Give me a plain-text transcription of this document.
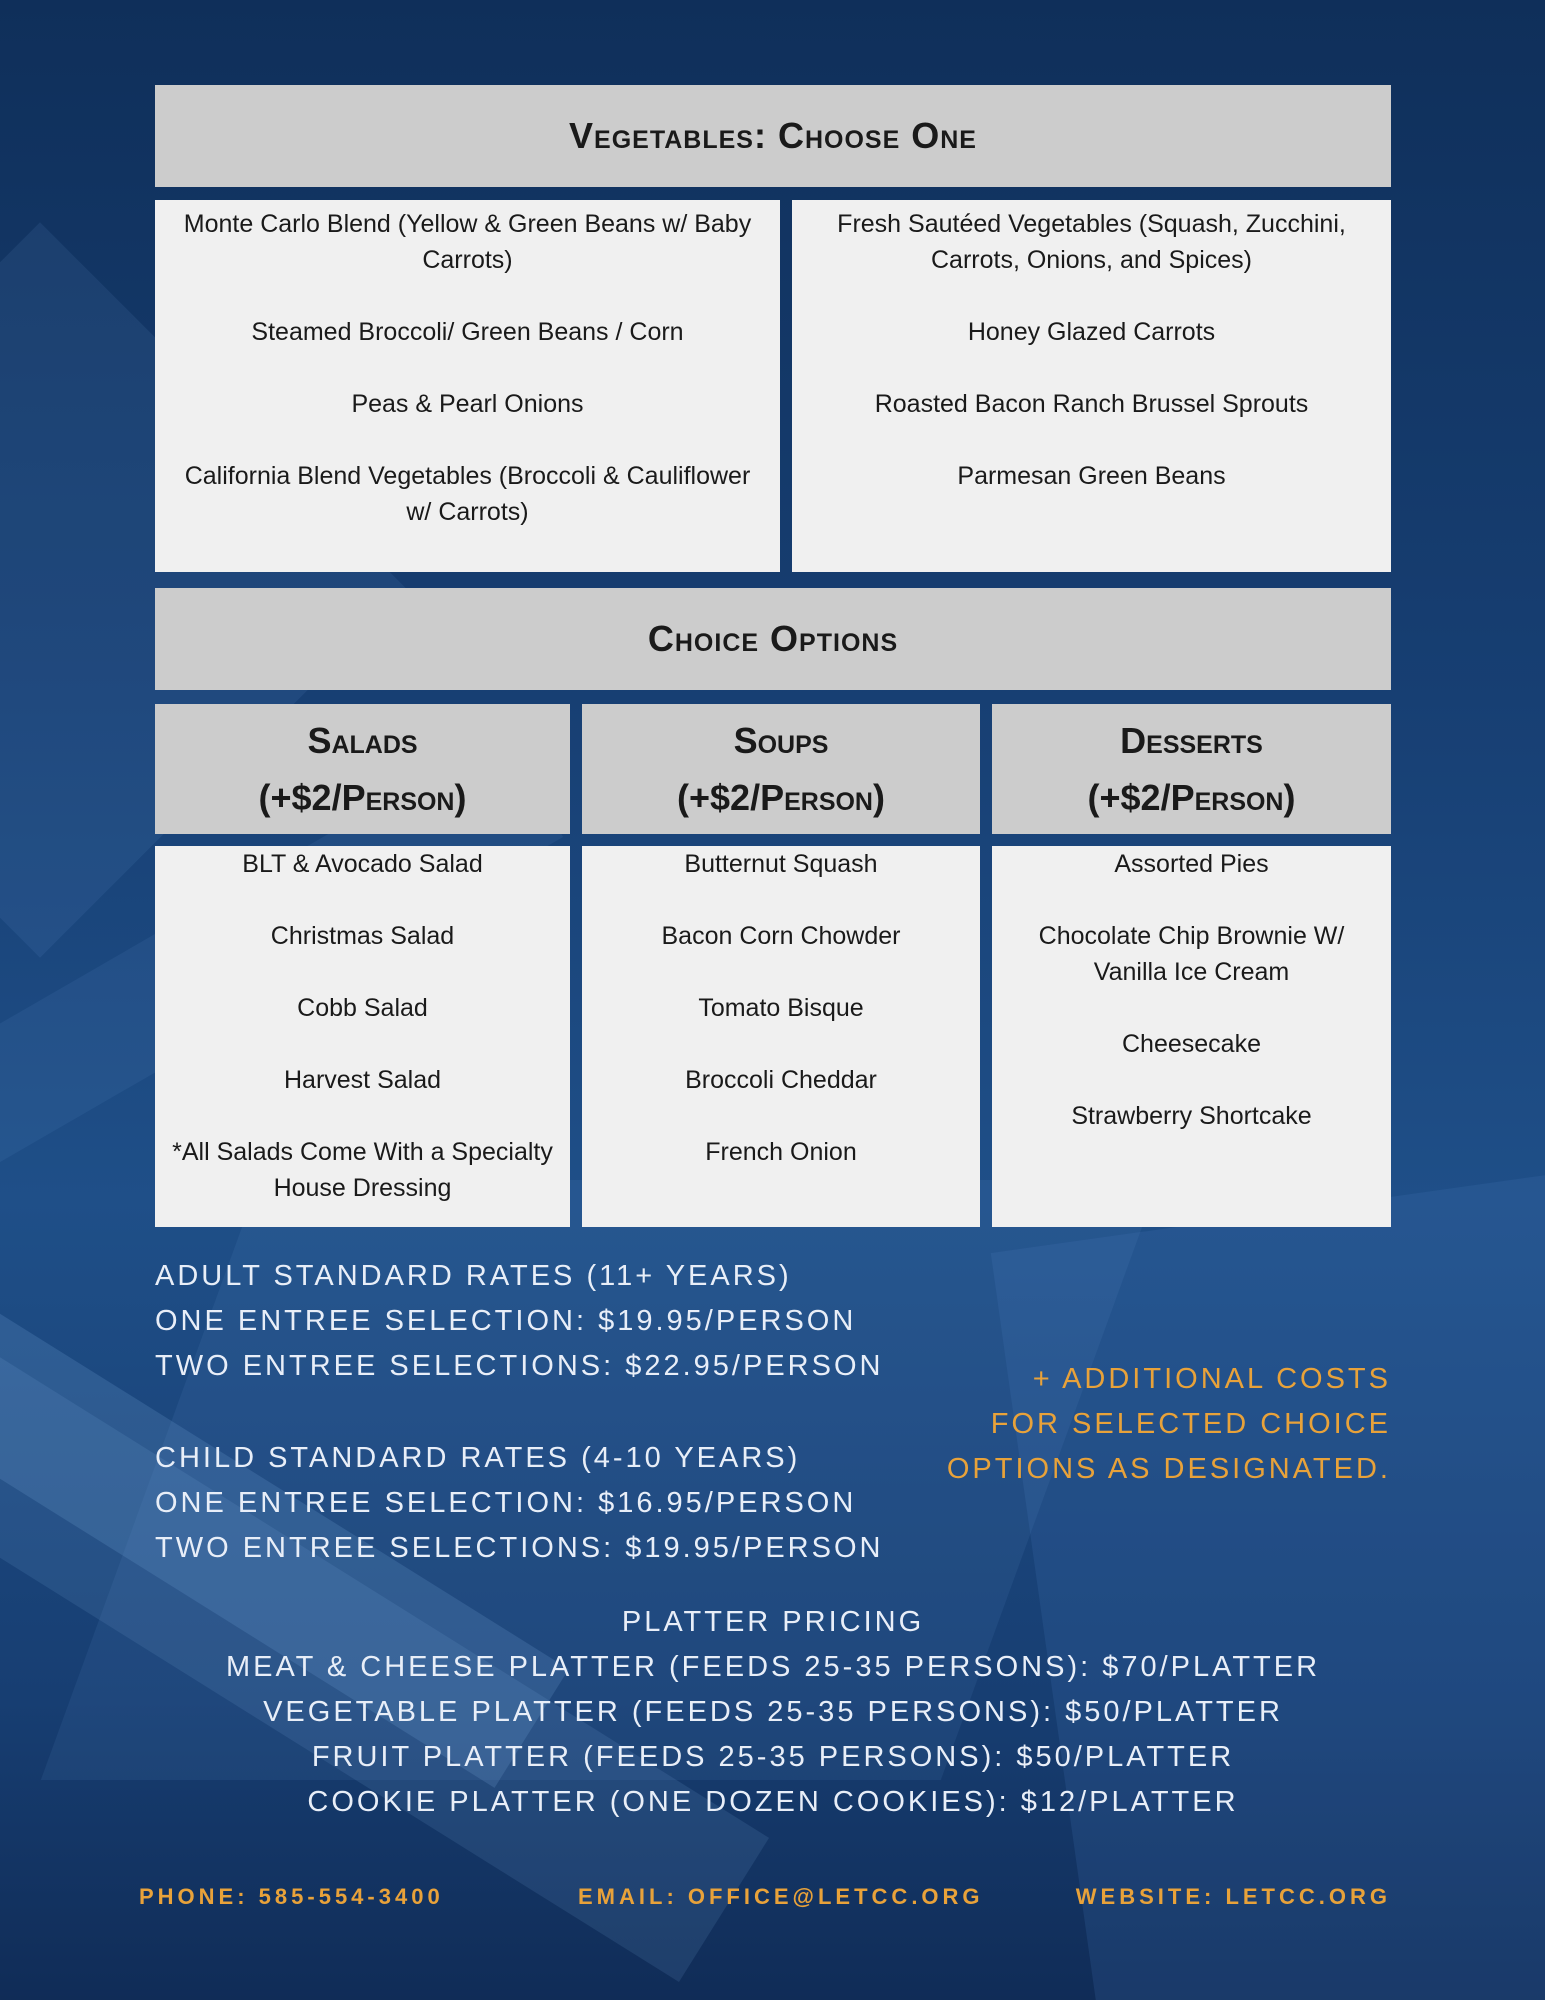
Vegetables: Choose One
Monte Carlo Blend (Yellow & Green Beans w/ Baby Carrots)
Steamed Broccoli/ Green Beans / Corn
Peas & Pearl Onions
California Blend Vegetables (Broccoli & Cauliflower w/ Carrots)
Fresh Sautéed Vegetables (Squash, Zucchini, Carrots, Onions, and Spices)
Honey Glazed Carrots
Roasted Bacon Ranch Brussel Sprouts
Parmesan Green Beans
Choice Options
Salads
(+$2/Person)
Soups
(+$2/Person)
Desserts
(+$2/Person)
BLT & Avocado Salad
Christmas Salad
Cobb Salad
Harvest Salad
*All Salads Come With a Specialty House Dressing
Butternut Squash
Bacon Corn Chowder
Tomato Bisque
Broccoli Cheddar
French Onion
Assorted Pies
Chocolate Chip Brownie W/ Vanilla Ice Cream
Cheesecake
Strawberry Shortcake
ADULT STANDARD RATES (11+ YEARS)
ONE ENTREE SELECTION: $19.95/PERSON
TWO ENTREE SELECTIONS: $22.95/PERSON
CHILD STANDARD RATES (4-10 YEARS)
ONE ENTREE SELECTION: $16.95/PERSON
TWO ENTREE SELECTIONS: $19.95/PERSON
+ ADDITIONAL COSTS
FOR SELECTED CHOICE
OPTIONS AS DESIGNATED.
PLATTER PRICING
MEAT & CHEESE PLATTER (FEEDS 25-35 PERSONS): $70/PLATTER
VEGETABLE PLATTER (FEEDS 25-35 PERSONS): $50/PLATTER
FRUIT PLATTER (FEEDS 25-35 PERSONS): $50/PLATTER
COOKIE PLATTER (ONE DOZEN COOKIES): $12/PLATTER
PHONE: 585-554-3400	EMAIL: OFFICE@LETCC.ORG	WEBSITE: LETCC.ORG
